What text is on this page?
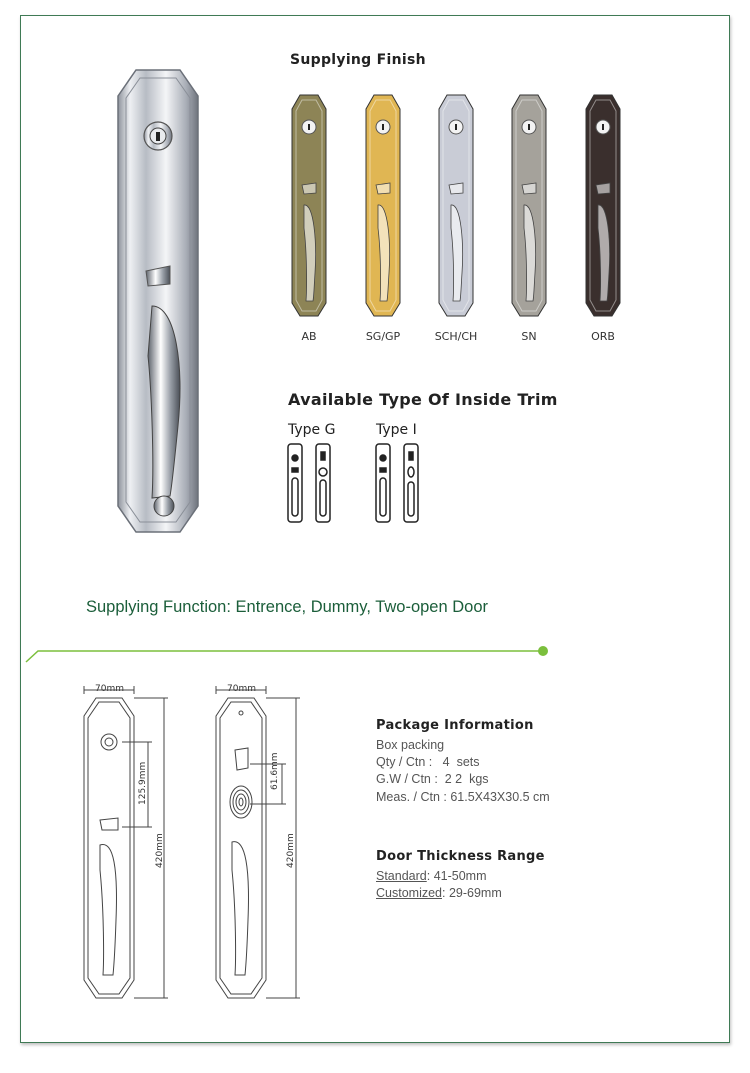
Supplying Finish
AB	SG/GP	SCH/CH	SN	ORB
Available Type Of Inside Trim
Type G	Type I
Supplying Function: Entrence, Dummy, Two-open Door
70mm
125.9mm
420mm
70mm
61.6mm
420mm
Package Information
Box packing
Qty / Ctn :   4  sets
G.W / Ctn :  2 2  kgs
Meas. / Ctn : 61.5X43X30.5 cm
Door Thickness Range
Standard: 41-50mm
Customized: 29-69mm
